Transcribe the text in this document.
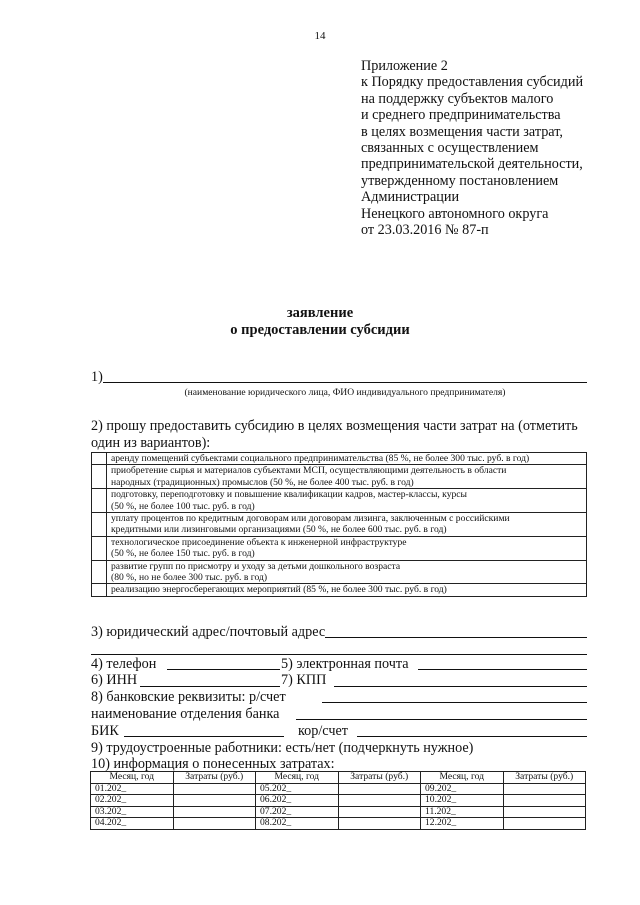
14
Приложение 2
к Порядку предоставления субсидий
на поддержку субъектов малого
и среднего предпринимательства
в целях возмещения части затрат,
связанных с осуществлением
предпринимательской деятельности,
утвержденному постановлением
Администрации
Ненецкого автономного округа
от 23.03.2016 № 87-п
заявление
о предоставлении субсидии
1)
(наименование юридического лица, ФИО индивидуального предпринимателя)
2) прошу предоставить субсидию в целях возмещения части затрат на (отметить
один из вариантов):

	аренду помещений субъектами социального предпринимательства (85 %, не более 300 тыс. руб. в год)

	приобретение сырья и материалов субъектами МСП, осуществляющими деятельность в области
народных (традиционных) промыслов (50 %, не более 400 тыс. руб. в год)

	подготовку, переподготовку и повышение квалификации кадров, мастер-классы, курсы
(50 %, не более 100 тыс. руб. в год)

	уплату процентов по кредитным договорам или договорам лизинга, заключенным с российскими
кредитными или лизинговыми организациями (50 %, не более 600 тыс. руб. в год)

	технологическое присоединение объекта к инженерной инфраструктуре
(50 %, не более 150 тыс. руб. в год)

	развитие групп по присмотру и уходу за детьми дошкольного возраста
(80 %, но не более 300 тыс. руб. в год)

	реализацию энергосберегающих мероприятий (85 %, не более 300 тыс. руб. в год)
3) юридический адрес/почтовый адрес
4) телефон	5) электронная почта
6) ИНН	7) КПП
8) банковские реквизиты: р/счет
наименование отделения банка
БИК	кор/счет
9) трудоустроенные работники: есть/нет (подчеркнуть нужное)
10) информация о понесенных затратах:
Месяц, год	Затраты (руб.)	Месяц, год	Затраты (руб.)	Месяц, год	Затраты (руб.)
01.202_		05.202_		09.202_	
02.202_		06.202_		10.202_	
03.202_		07.202_		11.202_	
04.202_		08.202_		12.202_	
